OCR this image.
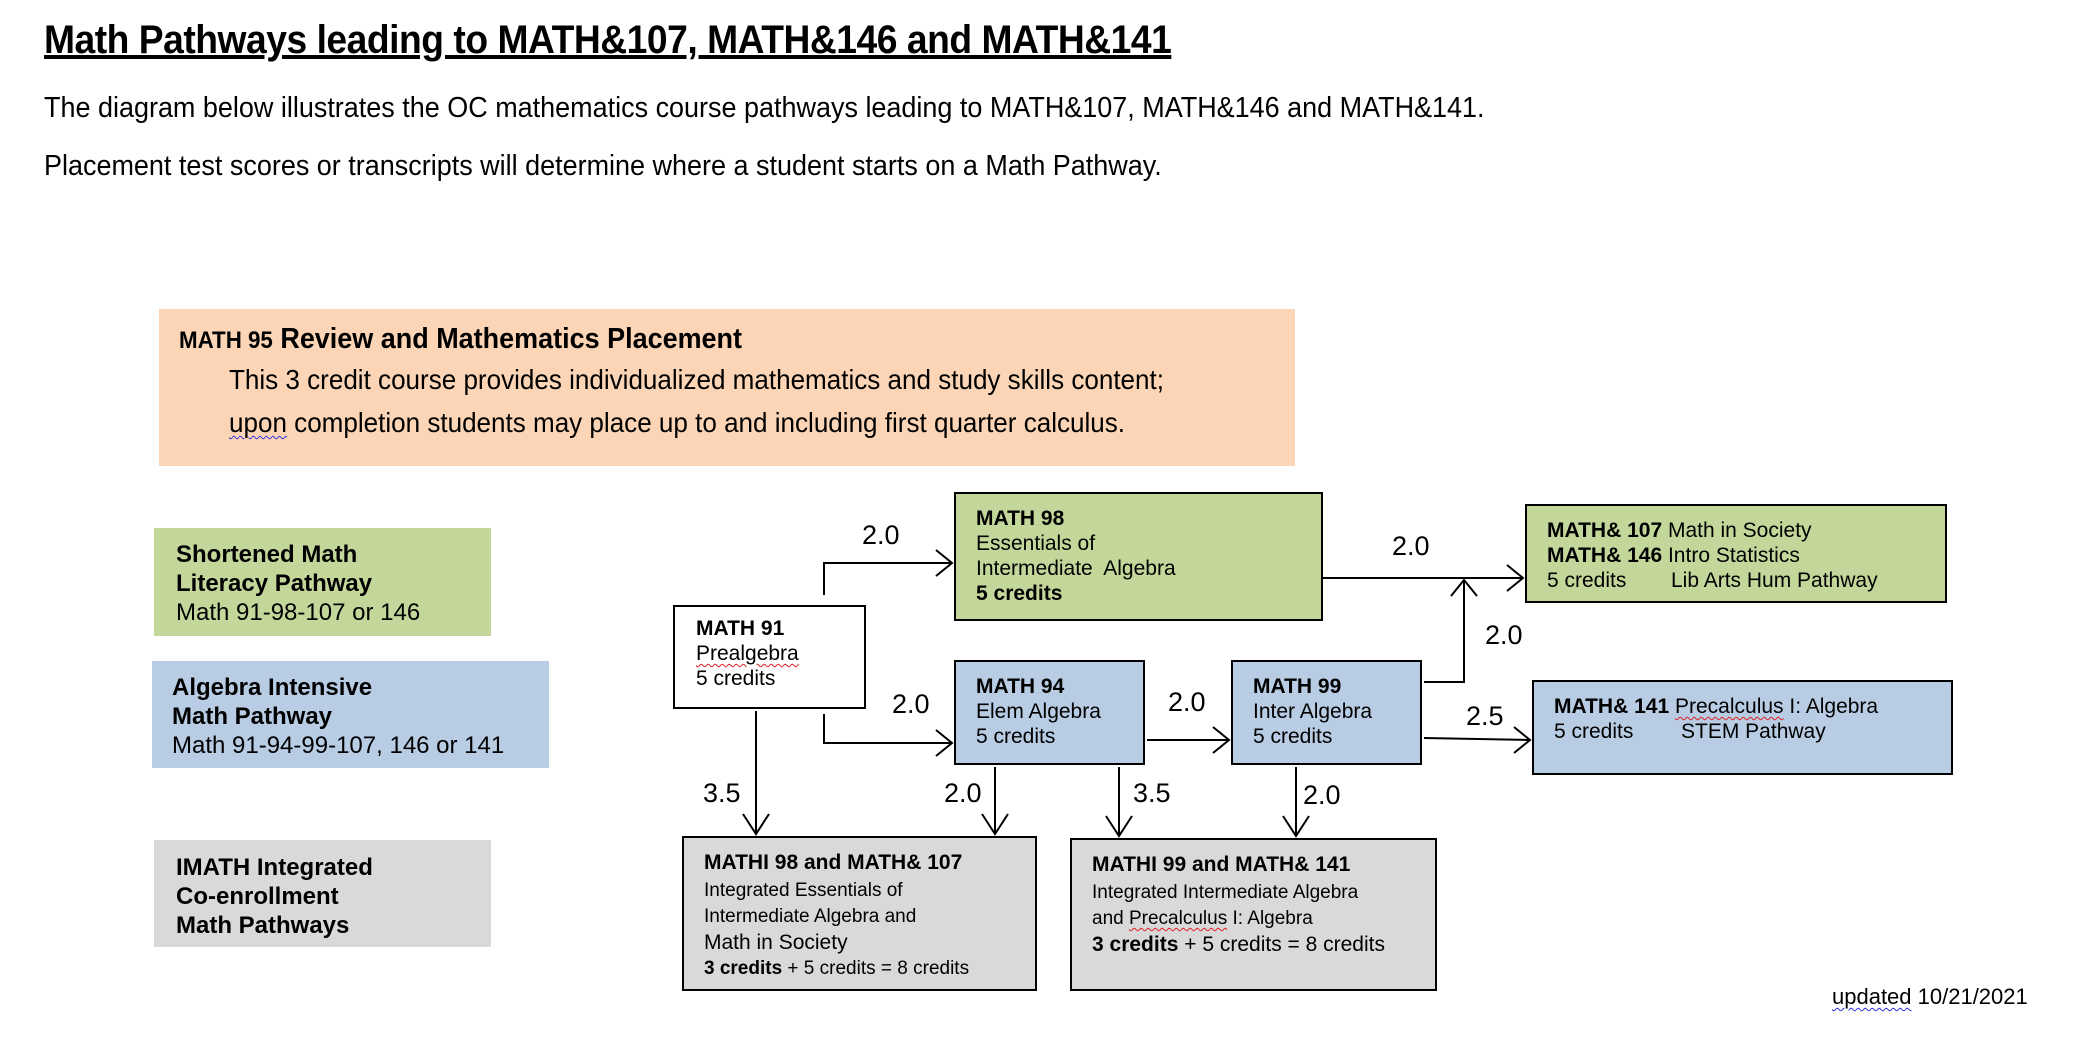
Math Pathways leading to MATH&107, MATH&146 and MATH&141
The diagram below illustrates the OC mathematics course pathways leading to MATH&107, MATH&146 and MATH&141.
Placement test scores or transcripts will determine where a student starts on a Math Pathway.
MATH 95 Review and Mathematics Placement
This 3 credit course provides individualized mathematics and study skills content;
upon completion students may place up to and including first quarter calculus.
Shortened Math
Literacy Pathway
Math 91-98-107 or 146
Algebra Intensive
Math Pathway
Math 91-94-99-107, 146 or 141
IMATH Integrated
Co-enrollment
Math Pathways
2.0
2.0	2.0
2.0
2.0
2.5
3.5	2.0	3.5	2.0
MATH 91
Prealgebra
5 credits
MATH 98
Essentials of
Intermediate  Algebra
5 credits
MATH 94
Elem Algebra
5 credits
MATH 99
Inter Algebra
5 credits
MATH& 107 Math in Society
MATH& 146 Intro Statistics
5 credits Lib Arts Hum Pathway
MATH& 141 Precalculus I: Algebra
5 credits STEM Pathway
MATHI 98 and MATH& 107
Integrated Essentials of
Intermediate Algebra and
Math in Society
3 credits + 5 credits = 8 credits
MATHI 99 and MATH& 141
Integrated Intermediate Algebra
and Precalculus I: Algebra
3 credits + 5 credits = 8 credits
updated 10/21/2021
